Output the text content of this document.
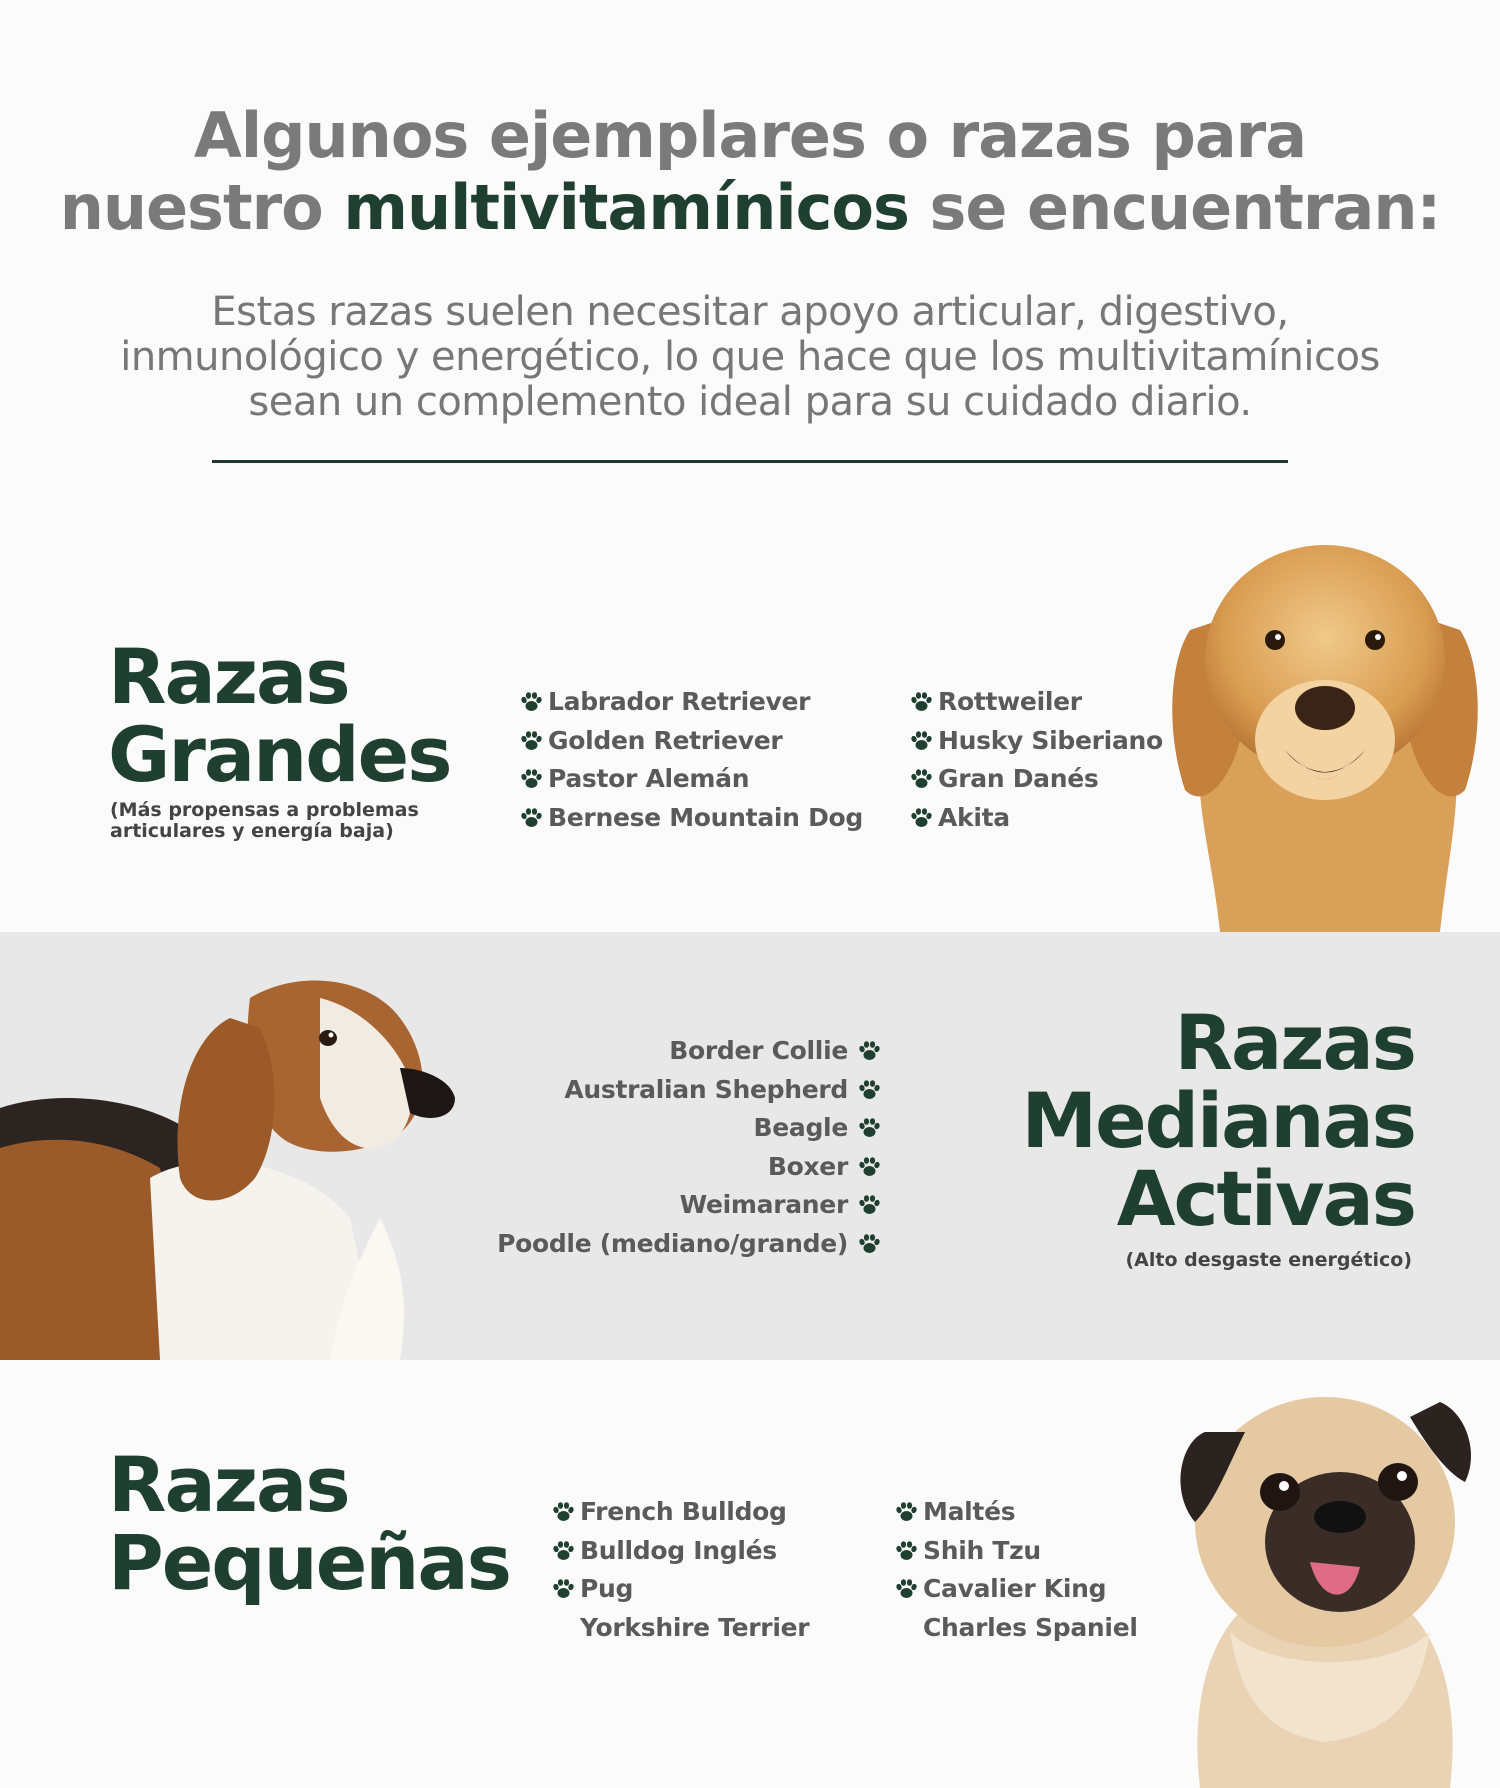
Algunos ejemplares o razas para
nuestro multivitamínicos se encuentran:
Estas razas suelen necesitar apoyo articular, digestivo,
inmunológico y energético, lo que hace que los multivitamínicos
sean un complemento ideal para su cuidado diario.
Razas
Grandes
(Más propensas a problemas
articulares y energía baja)
Labrador Retriever
Golden Retriever
Pastor Alemán
Bernese Mountain Dog
Rottweiler
Husky Siberiano
Gran Danés
Akita
Border Collie
Australian Shepherd
Beagle
Boxer
Weimaraner
Poodle (mediano/grande)
Razas
Medianas
Activas
(Alto desgaste energético)
Razas
Pequeñas
French Bulldog
Bulldog Inglés
Pug
Yorkshire Terrier
Maltés
Shih Tzu
Cavalier King
Charles Spaniel
